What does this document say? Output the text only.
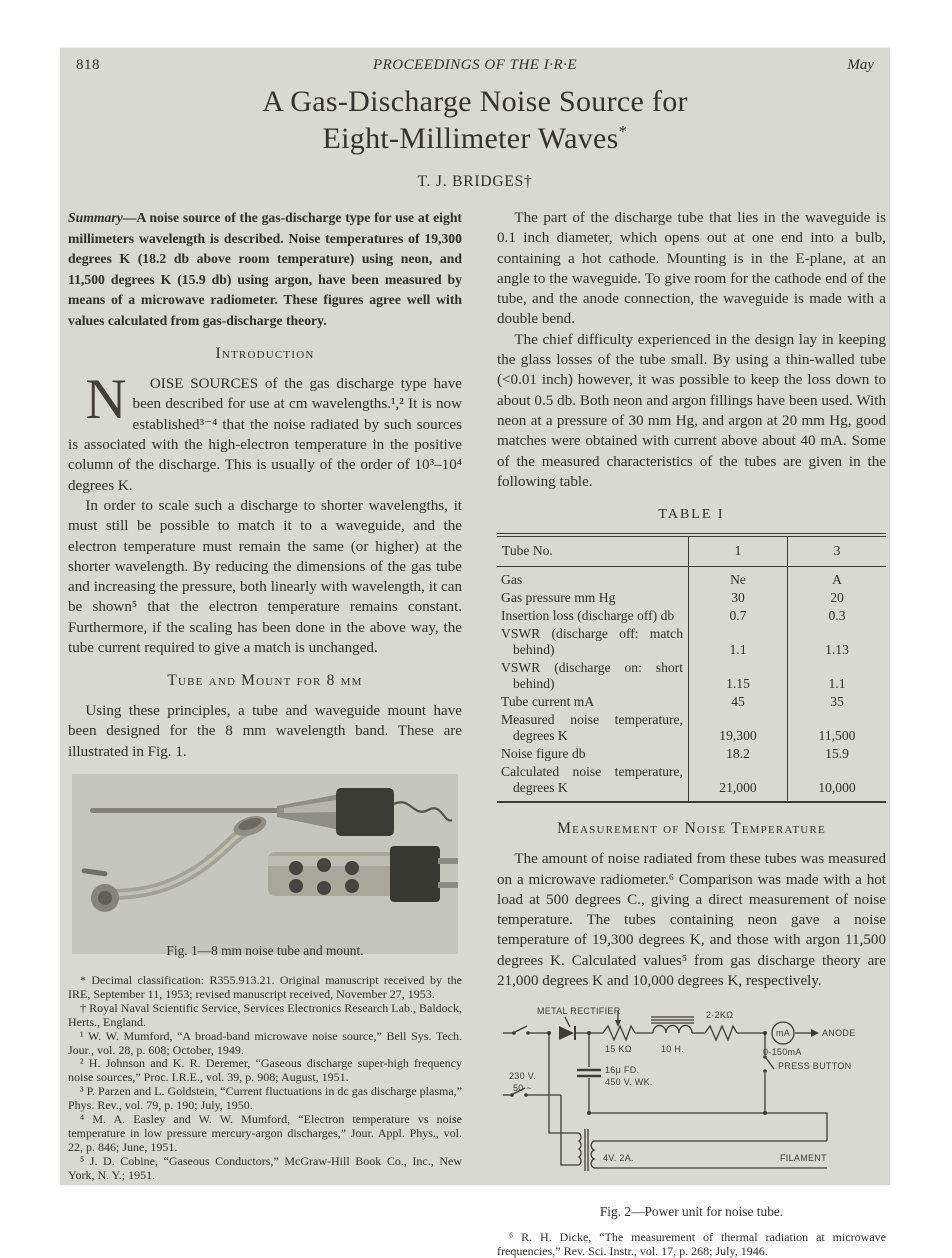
818	PROCEEDINGS OF THE I·R·E	May
A Gas-Discharge Noise Source for
Eight-Millimeter Waves*
T. J. BRIDGES†

Summary—A noise source of the gas-discharge type for use at eight millimeters wavelength is described. Noise temperatures of 19,300 degrees K (18.2 db above room temperature) using neon, and 11,500 degrees K (15.9 db) using argon, have been measured by means of a microwave radiometer. These figures agree well with values calculated from gas-discharge theory.

Introduction

N	OISE SOURCES of the gas discharge type have been described for use at cm wavelengths.¹,² It is now established³⁻⁴ that the noise radiated by such sources is associated with the high-electron temperature in the positive column of the discharge. This is usually of the order of 10³–10⁴ degrees K.

In order to scale such a discharge to shorter wavelengths, it must still be possible to match it to a waveguide, and the electron temperature must remain the same (or higher) at the shorter wavelength. By reducing the dimensions of the gas tube and increasing the pressure, both linearly with wavelength, it can be shown⁵ that the electron temperature remains constant. Furthermore, if the scaling has been done in the above way, the tube current required to give a match is unchanged.

Tube and Mount for 8 mm

Using these principles, a tube and waveguide mount have been designed for the 8 mm wavelength band. These are illustrated in Fig. 1.

Fig. 1—8 mm noise tube and mount.

* Decimal classification: R355.913.21. Original manuscript received by the IRE, September 11, 1953; revised manuscript received, November 27, 1953.

† Royal Naval Scientific Service, Services Electronics Research Lab., Baldock, Herts., England.

¹ W. W. Mumford, “A broad-band microwave noise source,” Bell Sys. Tech. Jour., vol. 28, p. 608; October, 1949.

² H. Johnson and K. R. Deremer, “Gaseous discharge super-high frequency noise sources,” Proc. I.R.E., vol. 39, p. 908; August, 1951.

³ P. Parzen and L. Goldstein, “Current fluctuations in dc gas discharge plasma,” Phys. Rev., vol. 79, p. 190; July, 1950.

⁴ M. A. Easley and W. W. Mumford, “Electron temperature vs noise temperature in low pressure mercury-argon discharges,” Jour. Appl. Phys., vol. 22, p. 846; June, 1951.

⁵ J. D. Cobine, “Gaseous Conductors,” McGraw-Hill Book Co., Inc., New York, N. Y.; 1951.

The part of the discharge tube that lies in the waveguide is 0.1 inch diameter, which opens out at one end into a bulb, containing a hot cathode. Mounting is in the E-plane, at an angle to the waveguide. To give room for the cathode end of the tube, and the anode connection, the waveguide is made with a double bend.

The chief difficulty experienced in the design lay in keeping the glass losses of the tube small. By using a thin-walled tube (<0.01 inch) however, it was possible to keep the loss down to about 0.5 db. Both neon and argon fillings have been used. With neon at a pressure of 30 mm Hg, and argon at 20 mm Hg, good matches were obtained with current above about 40 mA. Some of the measured characteristics of the tubes are given in the following table.

TABLE I

Tube No.	1	3
Gas	Ne	A
Gas pressure mm Hg	30	20
Insertion loss (discharge off) db	0.7	0.3
VSWR (discharge off: match behind)	1.1	1.13
VSWR (discharge on: short behind)	1.15	1.1
Tube current mA	45	35
Measured noise temperature, degrees K	19,300	11,500
Noise figure db	18.2	15.9
Calculated noise temperature, degrees K	21,000	10,000

Measurement of Noise Temperature

The amount of noise radiated from these tubes was measured on a microwave radiometer.⁶ Comparison was made with a hot load at 500 degrees C., giving a direct measurement of noise temperature. The tubes containing neon gave a noise temperature of 19,300 degrees K, and those with argon 11,500 degrees K. Calculated values⁵ from gas discharge theory are 21,000 degrees K and 10,000 degrees K, respectively.

METAL RECTIFIER
15 KΩ	10 H.
2·2KΩ
mA
0-150mA
ANODE
PRESS BUTTON
230 V.
50 ~
16μ FD.
450 V. WK.
4V. 2A.	FILAMENT
Fig. 2—Power unit for noise tube.

⁶ R. H. Dicke, “The measurement of thermal radiation at microwave frequencies,” Rev. Sci. Instr., vol. 17, p. 268; July, 1946.
